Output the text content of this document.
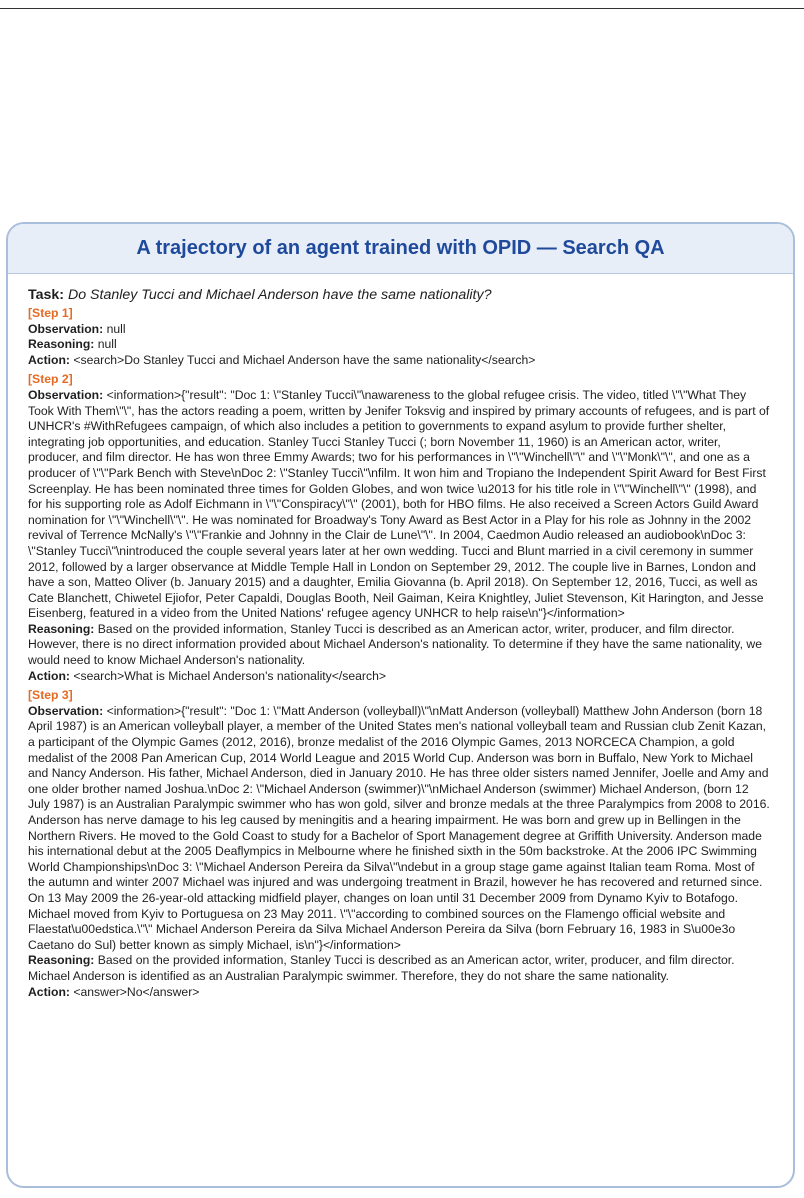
A trajectory of an agent trained with OPID — Search QA
Task: Do Stanley Tucci and Michael Anderson have the same nationality?
[Step 1]
Observation: null
Reasoning: null
Action: <search>Do Stanley Tucci and Michael Anderson have the same nationality</search>
[Step 2]
Observation: <information>{"result": "Doc 1: \"Stanley Tucci\"\nawareness to the global refugee crisis. The video, titled \"\"What They Took With Them\"\", has the actors reading a poem, written by Jenifer Toksvig and inspired by primary accounts of refugees, and is part of UNHCR's #WithRefugees campaign, of which also includes a petition to governments to expand asylum to provide further shelter, integrating job opportunities, and education. Stanley Tucci Stanley Tucci (; born November 11, 1960) is an American actor, writer, producer, and film director. He has won three Emmy Awards; two for his performances in \"\"Winchell\"\" and \"\"Monk\"\", and one as a producer of \"\"Park Bench with Steve\nDoc 2: \"Stanley Tucci\"\nfilm. It won him and Tropiano the Independent Spirit Award for Best First Screenplay. He has been nominated three times for Golden Globes, and won twice \u2013 for his title role in \"\"Winchell\"\" (1998), and for his supporting role as Adolf Eichmann in \"\"Conspiracy\"\" (2001), both for HBO films. He also received a Screen Actors Guild Award nomination for \"\"Winchell\"\". He was nominated for Broadway's Tony Award as Best Actor in a Play for his role as Johnny in the 2002 revival of Terrence McNally's \"\"Frankie and Johnny in the Clair de Lune\"\". In 2004, Caedmon Audio released an audiobook\nDoc 3: \"Stanley Tucci\"\nintroduced the couple several years later at her own wedding. Tucci and Blunt married in a civil ceremony in summer 2012, followed by a larger observance at Middle Temple Hall in London on September 29, 2012. The couple live in Barnes, London and have a son, Matteo Oliver (b. January 2015) and a daughter, Emilia Giovanna (b. April 2018). On September 12, 2016, Tucci, as well as Cate Blanchett, Chiwetel Ejiofor, Peter Capaldi, Douglas Booth, Neil Gaiman, Keira Knightley, Juliet Stevenson, Kit Harington, and Jesse Eisenberg, featured in a video from the United Nations' refugee agency UNHCR to help raise\n"}</information>
Reasoning: Based on the provided information, Stanley Tucci is described as an American actor, writer, producer, and film director. However, there is no direct information provided about Michael Anderson's nationality. To determine if they have the same nationality, we would need to know Michael Anderson's nationality.
Action: <search>What is Michael Anderson's nationality</search>
[Step 3]
Observation: <information>{"result": "Doc 1: \"Matt Anderson (volleyball)\"\nMatt Anderson (volleyball) Matthew John Anderson (born 18 April 1987) is an American volleyball player, a member of the United States men's national volleyball team and Russian club Zenit Kazan, a participant of the Olympic Games (2012, 2016), bronze medalist of the 2016 Olympic Games, 2013 NORCECA Champion, a gold medalist of the 2008 Pan American Cup, 2014 World League and 2015 World Cup. Anderson was born in Buffalo, New York to Michael and Nancy Anderson. His father, Michael Anderson, died in January 2010. He has three older sisters named Jennifer, Joelle and Amy and one older brother named Joshua.\nDoc 2: \"Michael Anderson (swimmer)\"\nMichael Anderson (swimmer) Michael Anderson, (born 12 July 1987) is an Australian Paralympic swimmer who has won gold, silver and bronze medals at the three Paralympics from 2008 to 2016. Anderson has nerve damage to his leg caused by meningitis and a hearing impairment. He was born and grew up in Bellingen in the Northern Rivers. He moved to the Gold Coast to study for a Bachelor of Sport Management degree at Griffith University. Anderson made his international debut at the 2005 Deaflympics in Melbourne where he finished sixth in the 50m backstroke. At the 2006 IPC Swimming World Championships\nDoc 3: \"Michael Anderson Pereira da Silva\"\ndebut in a group stage game against Italian team Roma. Most of the autumn and winter 2007 Michael was injured and was undergoing treatment in Brazil, however he has recovered and returned since. On 13 May 2009 the 26-year-old attacking midfield player, changes on loan until 31 December 2009 from Dynamo Kyiv to Botafogo. Michael moved from Kyiv to Portuguesa on 23 May 2011. \"\"according to combined sources on the Flamengo official website and Flaestat\u00edstica.\"\" Michael Anderson Pereira da Silva Michael Anderson Pereira da Silva (born February 16, 1983 in S\u00e3o Caetano do Sul) better known as simply Michael, is\n"}</information>
Reasoning: Based on the provided information, Stanley Tucci is described as an American actor, writer, producer, and film director. Michael Anderson is identified as an Australian Paralympic swimmer. Therefore, they do not share the same nationality.
Action: <answer>No</answer>
